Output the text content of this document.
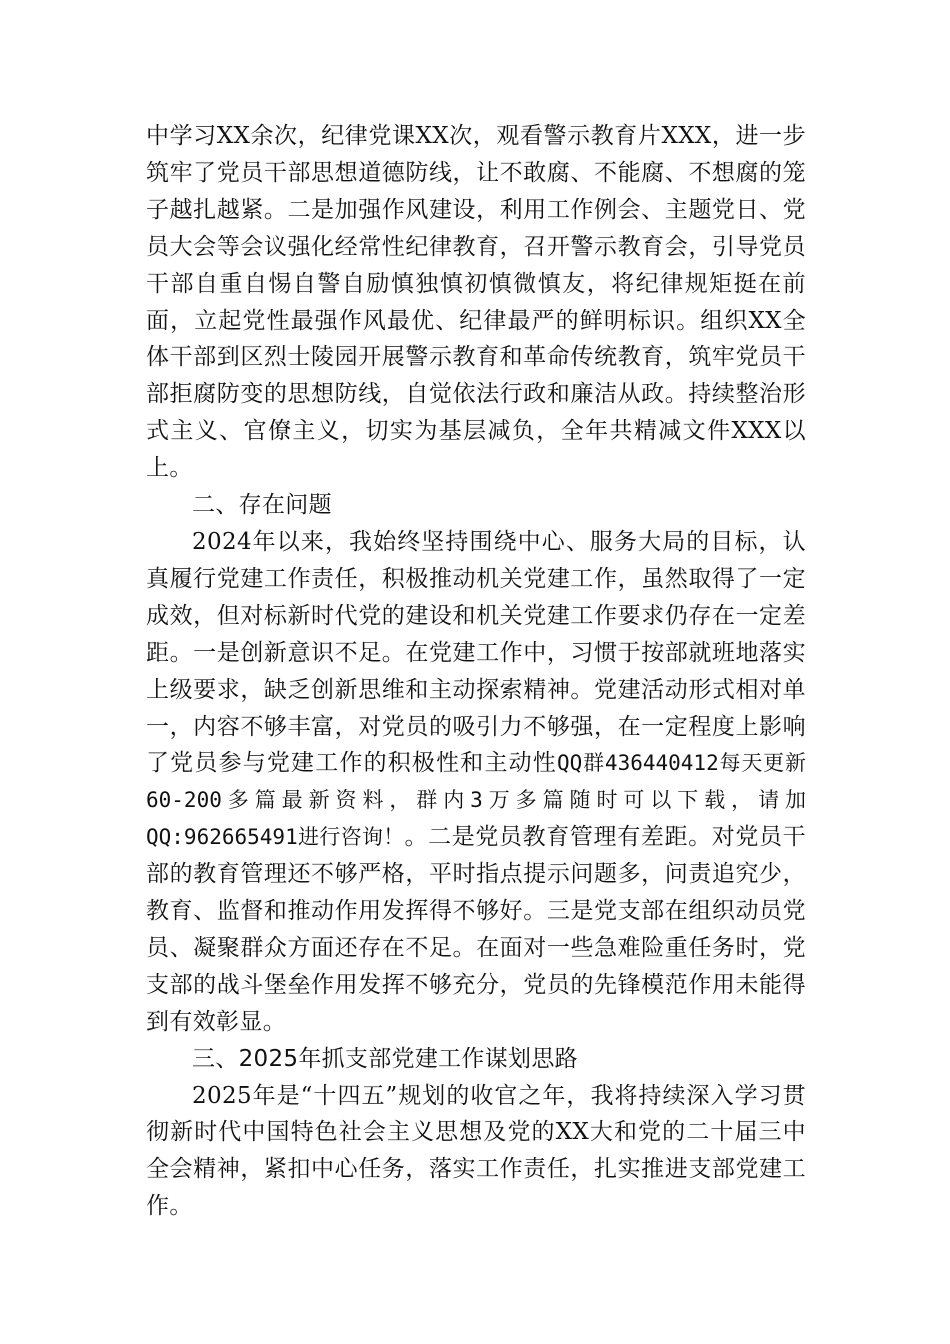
中学习XX余次，纪律党课XX次，观看警示教育片XXX，进一步筑牢了党员干部思想道德防线，让不敢腐、不能腐、不想腐的笼子越扎越紧。二是加强作风建设，利用工作例会、主题党日、党员大会等会议强化经常性纪律教育，召开警示教育会，引导党员干部自重自惕自警自励慎独慎初慎微慎友，将纪律规矩挺在前面，立起党性最强作风最优、纪律最严的鲜明标识。组织XX全体干部到区烈士陵园开展警示教育和革命传统教育，筑牢党员干部拒腐防变的思想防线，自觉依法行政和廉洁从政。持续整治形式主义、官僚主义，切实为基层减负，全年共精减文件XXX以上。

二、存在问题

2024年以来，我始终坚持围绕中心、服务大局的目标，认真履行党建工作责任，积极推动机关党建工作，虽然取得了一定成效，但对标新时代党的建设和机关党建工作要求仍存在一定差距。一是创新意识不足。在党建工作中，习惯于按部就班地落实上级要求，缺乏创新思维和主动探索精神。党建活动形式相对单一，内容不够丰富，对党员的吸引力不够强，在一定程度上影响了党员参与党建工作的积极性和主动性QQ群436440412每天更新60-200多篇最新资料，群内3万多篇随时可以下载，请加QQ:962665491进行咨询！。二是党员教育管理有差距。对党员干部的教育管理还不够严格，平时指点提示问题多，问责追究少，教育、监督和推动作用发挥得不够好。三是党支部在组织动员党员、凝聚群众方面还存在不足。在面对一些急难险重任务时，党支部的战斗堡垒作用发挥不够充分，党员的先锋模范作用未能得到有效彰显。

三、2025年抓支部党建工作谋划思路

2025年是“十四五”规划的收官之年，我将持续深入学习贯彻新时代中国特色社会主义思想及党的XX大和党的二十届三中全会精神，紧扣中心任务，落实工作责任，扎实推进支部党建工作。
